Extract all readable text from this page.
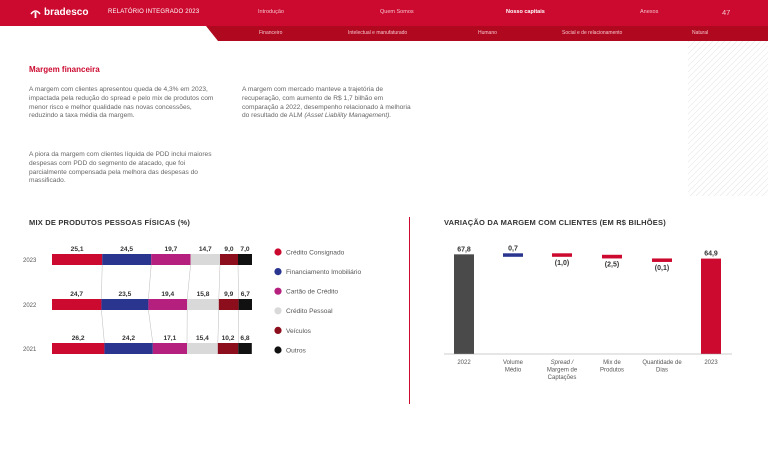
bradesco	RELATÓRIO INTEGRADO 2023	Introdução	Quem Somos	Nosso capitais	Anexos	47
Financeiro	Intelectual e manufaturado	Humano	Social e de relacionamento	Natural
Margem financeira
A margem com clientes apresentou queda de 4,3% em 2023, impactada pela redução do spread e pelo mix de produtos com menor risco e melhor qualidade nas novas concessões, reduzindo a taxa média da margem.
A piora da margem com clientes líquida de PDD inclui maiores despesas com PDD do segmento de atacado, que foi parcialmente compensada pela melhora das despesas do massificado.
A margem com mercado manteve a trajetória de recuperação, com aumento de R$ 1,7 bilhão em comparação a 2022, desempenho relacionado à melhoria do resultado de ALM (Asset Liability Management).
MIX DE PRODUTOS PESSOAS FÍSICAS (%)
2023
25,1	24,5	19,7	14,7 9,0 7,0
2022
24,7	23,5	19,4	15,8 9,9 6,7
2021
26,2	24,2	17,1	15,4 10,2 6,8
Crédito Consignado
Financiamento Imobiliário
Cartão de Crédito
Crédito Pessoal
Veículos
Outros
VARIAÇÃO DA MARGEM COM CLIENTES (EM R$ BILHÕES)
67,8
2022
0,7
Volume
Médio
(1,0)
Spread /
Margem de
Captações
(2,5)
Mix de
Produtos
(0,1)
Quantidade de
Dias
64,9
2023
